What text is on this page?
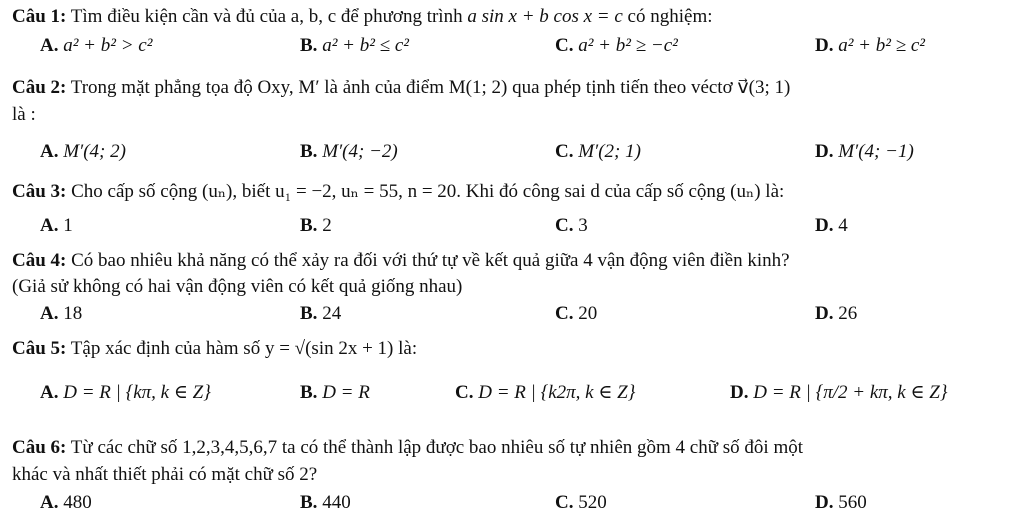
Câu 1: Tìm điều kiện cần và đủ của a, b, c để phương trình a sin x + b cos x = c có nghiệm:
A. a² + b² > c²	B. a² + b² ≤ c²	C. a² + b² ≥ −c²	D. a² + b² ≥ c²
Câu 2: Trong mặt phẳng tọa độ Oxy, M′ là ảnh của điểm M(1; 2) qua phép tịnh tiến theo véctơ v⃗(3; 1)
là :
A. M′(4; 2)	B. M′(4; −2)	C. M′(2; 1)	D. M′(4; −1)
Câu 3: Cho cấp số cộng (uₙ), biết u₁ = −2, uₙ = 55, n = 20. Khi đó công sai d của cấp số cộng (uₙ) là:
A. 1	B. 2	C. 3	D. 4
Câu 4: Có bao nhiêu khả năng có thể xảy ra đối với thứ tự về kết quả giữa 4 vận động viên điền kinh?
(Giả sử không có hai vận động viên có kết quả giống nhau)
A. 18	B. 24	C. 20	D. 26
Câu 5: Tập xác định của hàm số y = √(sin 2x + 1) là:
A. D = R | {kπ, k ∈ Z}	B. D = R	C. D = R | {k2π, k ∈ Z}	D. D = R | {π/2 + kπ, k ∈ Z}
Câu 6: Từ các chữ số 1,2,3,4,5,6,7 ta có thể thành lập được bao nhiêu số tự nhiên gồm 4 chữ số đôi một
khác và nhất thiết phải có mặt chữ số 2?
A. 480	B. 440	C. 520	D. 560
